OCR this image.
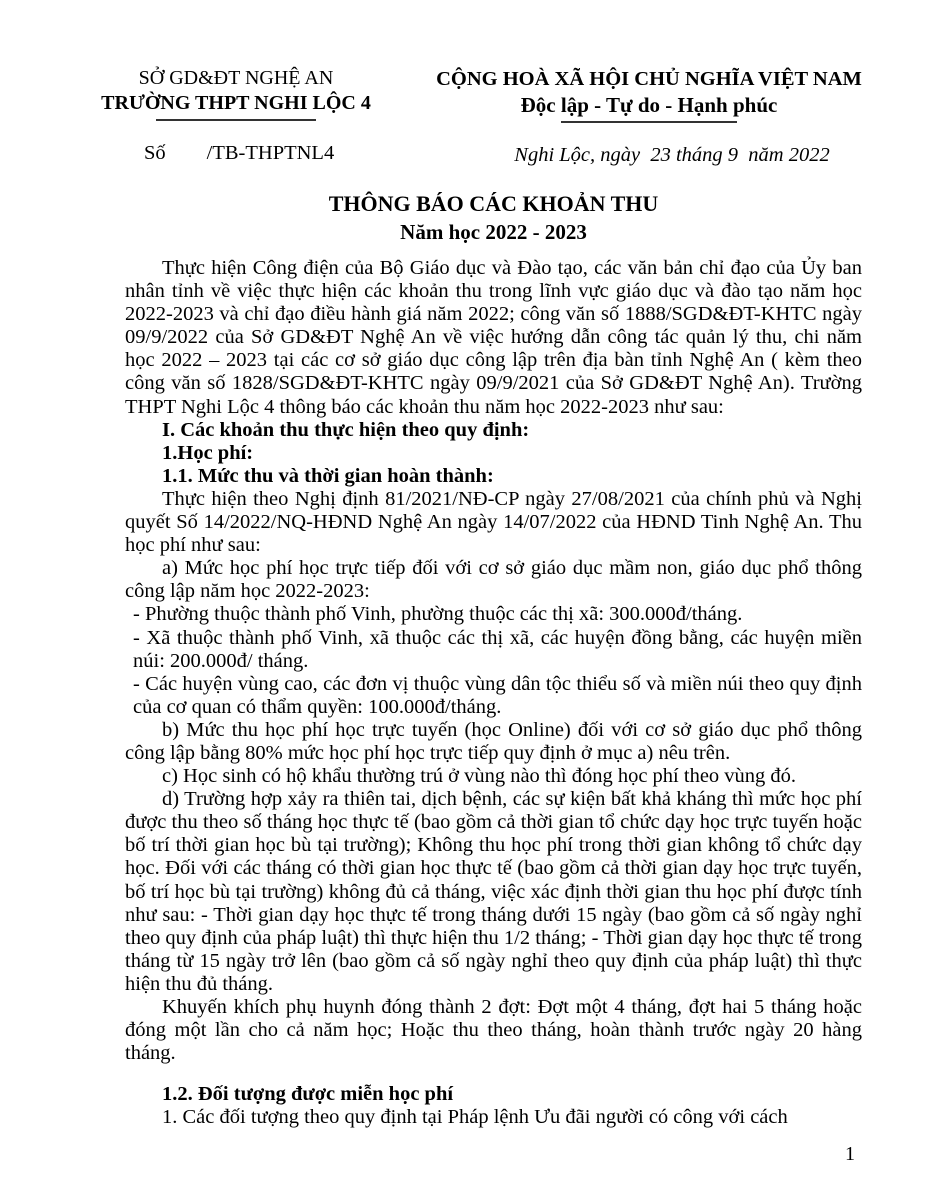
SỞ GD&ĐT NGHỆ AN
TRƯỜNG THPT NGHI LỘC 4
Số        /TB-THPTNL4
CỘNG HOÀ XÃ HỘI CHỦ NGHĨA VIỆT NAM
Độc lập - Tự do - Hạnh phúc
Nghi Lộc, ngày  23 tháng 9  năm 2022
THÔNG BÁO CÁC KHOẢN THU
Năm học 2022 - 2023

Thực hiện Công điện của Bộ Giáo dục và Đào tạo, các văn bản chỉ đạo của Ủy ban nhân tỉnh về việc thực hiện các khoản thu trong lĩnh vực giáo dục và đào tạo năm học 2022-2023 và chỉ đạo điều hành giá năm 2022; công văn số 1888/SGD&ĐT-KHTC ngày 09/9/2022 của Sở GD&ĐT Nghệ An về việc hướng dẫn công tác quản lý thu, chi năm học 2022 – 2023 tại các cơ sở giáo dục công lập trên địa bàn tỉnh Nghệ An ( kèm theo công văn số 1828/SGD&ĐT-KHTC ngày 09/9/2021 của Sở GD&ĐT Nghệ An). Trường THPT Nghi Lộc 4 thông báo các khoản thu năm học 2022-2023 như sau:

I. Các khoản thu thực hiện theo quy định:

1.Học phí:

1.1. Mức thu và thời gian hoàn thành:

Thực hiện theo Nghị định 81/2021/NĐ-CP ngày 27/08/2021 của chính phủ và Nghị quyết Số 14/2022/NQ-HĐND Nghệ An ngày 14/07/2022 của HĐND Tinh Nghệ An. Thu học phí như sau:

a) Mức học phí học trực tiếp đối với cơ sở giáo dục mầm non, giáo dục phổ thông công lập năm học 2022-2023:

- Phường thuộc thành phố Vinh, phường thuộc các thị xã: 300.000đ/tháng.

- Xã thuộc thành phố Vinh, xã thuộc các thị xã, các huyện đồng bằng, các huyện miền núi: 200.000đ/ tháng.

- Các huyện vùng cao, các đơn vị thuộc vùng dân tộc thiểu số và miền núi theo quy định của cơ quan có thẩm quyền: 100.000đ/tháng.

b) Mức thu học phí học trực tuyến (học Online) đối với cơ sở giáo dục phổ thông công lập bằng 80% mức học phí học trực tiếp quy định ở mục a) nêu trên.

c) Học sinh có hộ khẩu thường trú ở vùng nào thì đóng học phí theo vùng đó.

d) Trường hợp xảy ra thiên tai, dịch bệnh, các sự kiện bất khả kháng thì mức học phí được thu theo số tháng học thực tế (bao gồm cả thời gian tổ chức dạy học trực tuyến hoặc bố trí thời gian học bù tại trường); Không thu học phí trong thời gian không tổ chức dạy học. Đối với các tháng có thời gian học thực tế (bao gồm cả thời gian dạy học trực tuyến, bố trí học bù tại trường) không đủ cả tháng, việc xác định thời gian thu học phí được tính như sau: - Thời gian dạy học thực tế trong tháng dưới 15 ngày (bao gồm cả số ngày nghỉ theo quy định của pháp luật) thì thực hiện thu 1/2 tháng; - Thời gian dạy học thực tế trong tháng từ 15 ngày trở lên (bao gồm cả số ngày nghỉ theo quy định của pháp luật) thì thực hiện thu đủ tháng.

Khuyến khích phụ huynh đóng thành 2 đợt: Đợt một 4 tháng, đợt hai 5 tháng hoặc đóng một lần cho cả năm học; Hoặc thu theo tháng, hoàn thành trước ngày 20 hàng tháng.

1.2. Đối tượng được miễn học phí

1. Các đối tượng theo quy định tại Pháp lệnh Ưu đãi người có công với cách

1
